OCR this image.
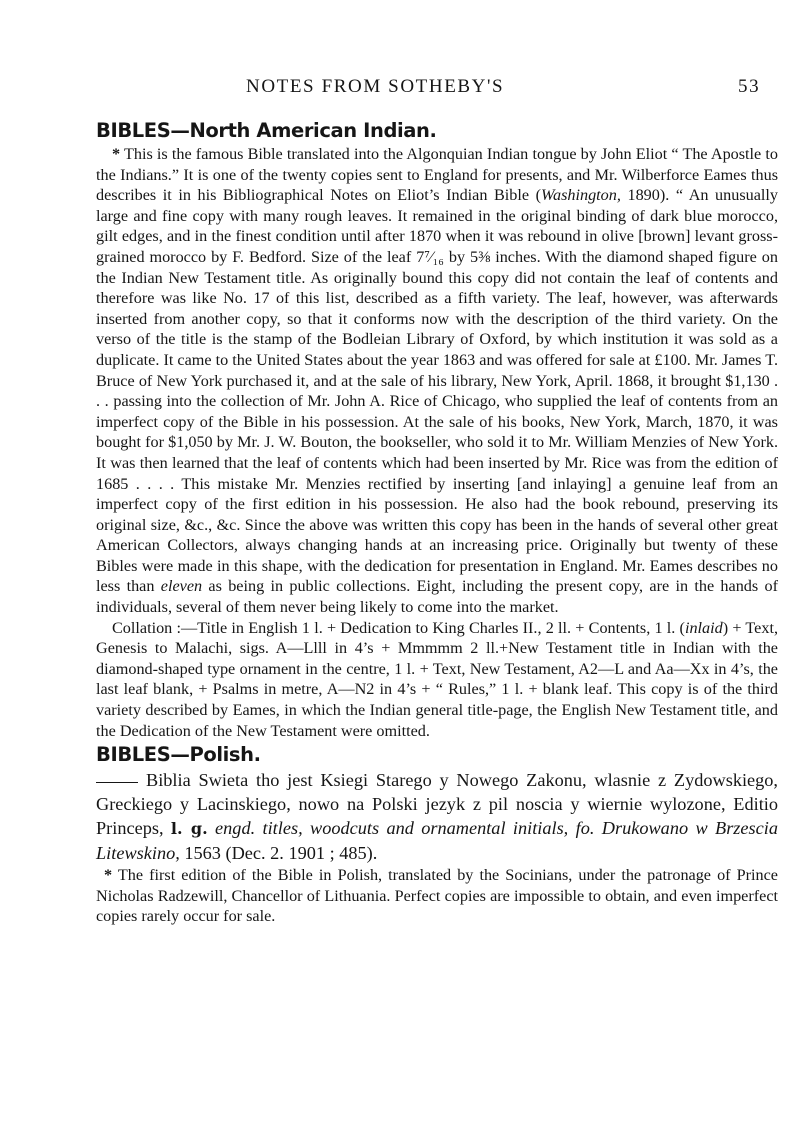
NOTES FROM SOTHEBY'S	53
BIBLES—North American Indian.

* This is the famous Bible translated into the Algonquian Indian tongue by John Eliot “ The Apostle to the Indians.” It is one of the twenty copies sent to England for presents, and Mr. Wilberforce Eames thus describes it in his Bibliographical Notes on Eliot’s Indian Bible (Washington, 1890). “ An unusually large and fine copy with many rough leaves. It remained in the original binding of dark blue morocco, gilt edges, and in the finest condition until after 1870 when it was rebound in olive [brown] levant gross-grained morocco by F. Bedford. Size of the leaf 7⁷⁄₁₆ by 5⅜ inches. With the diamond shaped figure on the Indian New Testament title. As originally bound this copy did not contain the leaf of contents and therefore was like No. 17 of this list, described as a fifth variety. The leaf, however, was afterwards inserted from another copy, so that it conforms now with the description of the third variety. On the verso of the title is the stamp of the Bodleian Library of Oxford, by which institution it was sold as a duplicate. It came to the United States about the year 1863 and was offered for sale at £100. Mr. James T. Bruce of New York purchased it, and at the sale of his library, New York, April. 1868, it brought $1,130 . . . passing into the collection of Mr. John A. Rice of Chicago, who supplied the leaf of contents from an imperfect copy of the Bible in his possession. At the sale of his books, New York, March, 1870, it was bought for $1,050 by Mr. J. W. Bouton, the bookseller, who sold it to Mr. William Menzies of New York. It was then learned that the leaf of contents which had been inserted by Mr. Rice was from the edition of 1685 . . . . This mistake Mr. Menzies rectified by inserting [and inlaying] a genuine leaf from an imperfect copy of the first edition in his possession. He also had the book rebound, preserving its original size, &c., &c. Since the above was written this copy has been in the hands of several other great American Collectors, always changing hands at an increasing price. Originally but twenty of these Bibles were made in this shape, with the dedication for presentation in England. Mr. Eames describes no less than eleven as being in public collections. Eight, including the present copy, are in the hands of individuals, several of them never being likely to come into the market.

Collation :—Title in English 1 l. + Dedication to King Charles II., 2 ll. + Contents, 1 l. (inlaid) + Text, Genesis to Malachi, sigs. A—Llll in 4’s + Mmmmm 2 ll.+New Testament title in Indian with the diamond-shaped type ornament in the centre, 1 l. + Text, New Testament, A2—L and Aa—Xx in 4’s, the last leaf blank, + Psalms in metre, A—N2 in 4’s + “ Rules,” 1 l. + blank leaf. This copy is of the third variety described by Eames, in which the Indian general title-page, the English New Testament title, and the Dedication of the New Testament were omitted.

BIBLES—Polish.

Biblia Swieta tho jest Ksiegi Starego y Nowego Zakonu, wlasnie z Zydowskiego, Greckiego y Lacinskiego, nowo na Polski jezyk z pil noscia y wiernie wylozone, Editio Princeps, l. g. engd. titles, woodcuts and ornamental initials, fo. Drukowano w Brzescia Litewskino, 1563 (Dec. 2. 1901 ; 485).

* The first edition of the Bible in Polish, translated by the Socinians, under the patronage of Prince Nicholas Radzewill, Chancellor of Lithuania. Perfect copies are impossible to obtain, and even imperfect copies rarely occur for sale.
